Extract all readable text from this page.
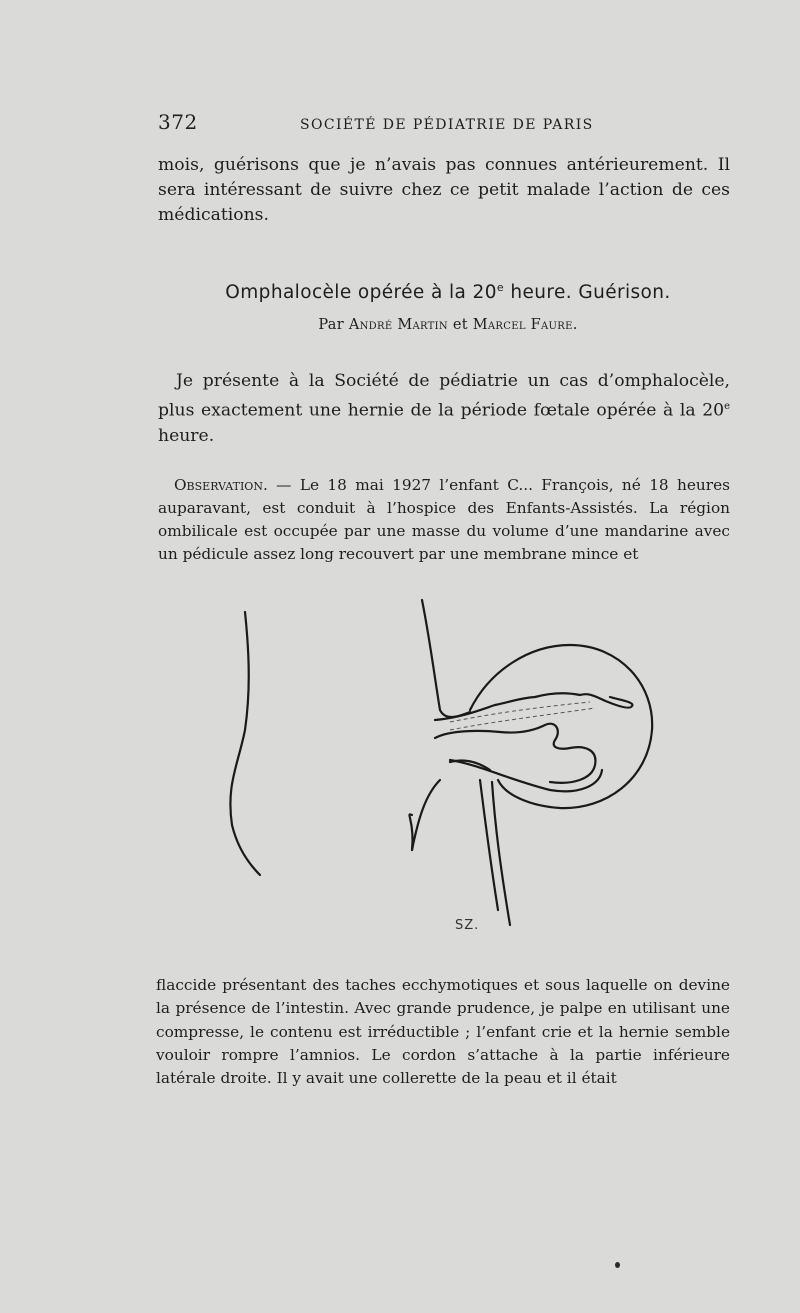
372	SOCIÉTÉ DE PÉDIATRIE DE PARIS

mois, guérisons que je n’avais pas connues antérieurement. Il sera intéressant de suivre chez ce petit malade l’action de ces médications.

Omphalocèle opérée à la 20e heure. Guérison.
Par André Martin et Marcel Faure.

Je présente à la Société de pédiatrie un cas d’omphalocèle, plus exactement une hernie de la période fœtale opérée à la 20e heure.

Observation. — Le 18 mai 1927 l’enfant C... François, né 18 heures auparavant, est conduit à l’hospice des Enfants-Assistés. La région ombilicale est occupée par une masse du volume d’une mandarine avec un pédicule assez long recouvert par une membrane mince et

SZ.

flaccide présentant des taches ecchymotiques et sous laquelle on devine la présence de l’intestin. Avec grande prudence, je palpe en utilisant une compresse, le contenu est irréductible ; l’enfant crie et la hernie semble vouloir rompre l’amnios. Le cordon s’attache à la partie inférieure latérale droite. Il y avait une collerette de la peau et il était
